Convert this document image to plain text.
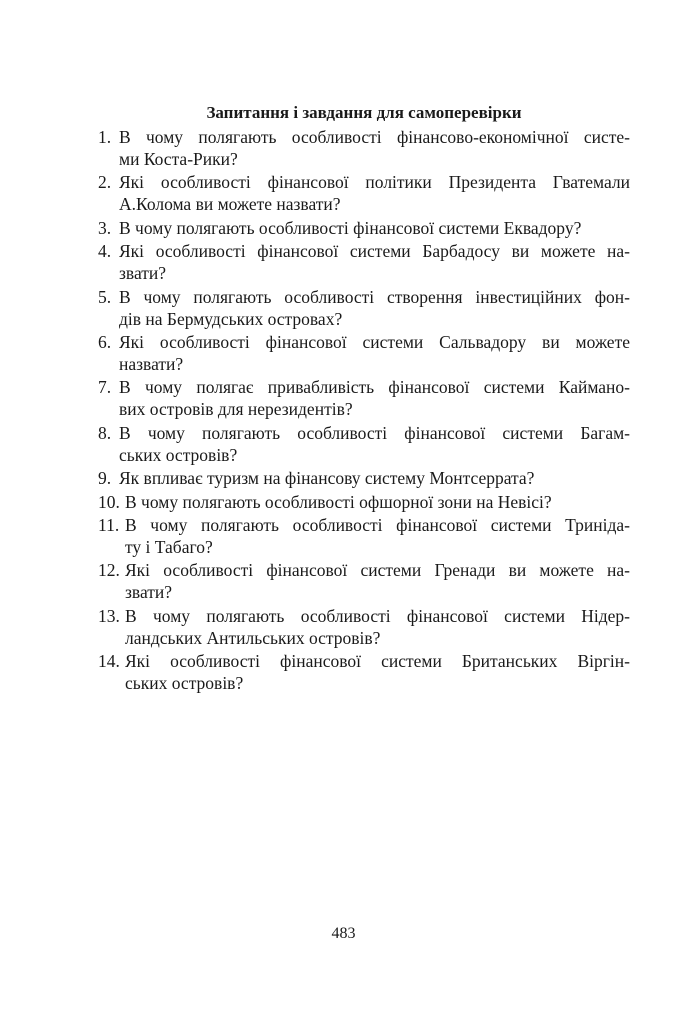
Запитання і завдання для самоперевірки
1. В чому полягають особливості фінансово-економічної систе-
ми Коста-Рики?
2. Які особливості фінансової політики Президента Гватемали
А.Колома ви можете назвати?
3. В чому полягають особливості фінансової системи Еквадору?
4. Які особливості фінансової системи Барбадосу ви можете на-
звати?
5. В чому полягають особливості створення інвестиційних фон-
дів на Бермудських островах?
6. Які особливості фінансової системи Сальвадору ви можете
назвати?
7. В чому полягає привабливість фінансової системи Кайманo-
вих островів для нерезидентів?
8. В чому полягають особливості фінансової системи Багам-
ських островів?
9. Як впливає туризм на фінансову систему Монтсеррата?
10. В чому полягають особливості офшорної зони на Невісі?
11. В чому полягають особливості фінансової системи Триніда-
ту і Табаго?
12. Які особливості фінансової системи Гренади ви можете на-
звати?
13. В чому полягають особливості фінансової системи Нідер-
ландських Антильських островів?
14. Які особливості фінансової системи Британських Віргін-
ських островів?
483
